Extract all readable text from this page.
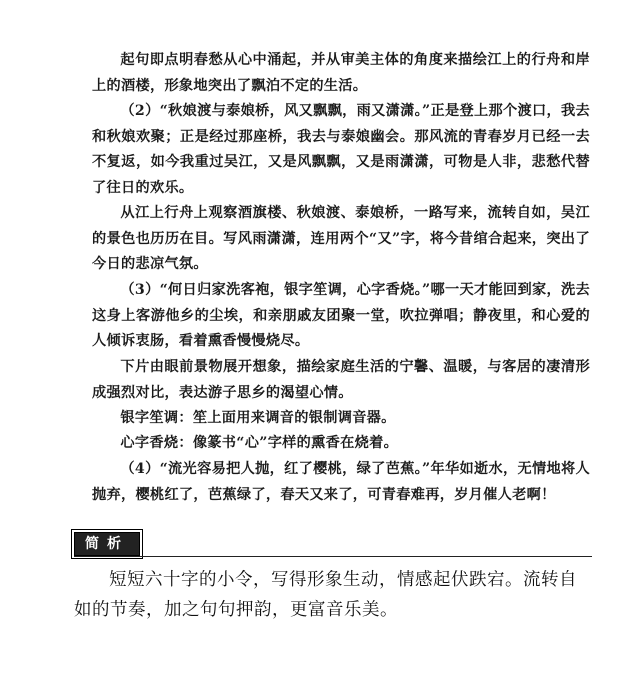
起句即点明春愁从心中涌起，并从审美主体的角度来描绘江上的行舟和岸上的酒楼，形象地突出了飘泊不定的生活。

（2）“秋娘渡与泰娘桥，风又飘飘，雨又潇潇。”正是登上那个渡口，我去和秋娘欢聚；正是经过那座桥，我去与泰娘幽会。那风流的青春岁月已经一去不复返，如今我重过吴江，又是风飘飘，又是雨潇潇，可物是人非，悲愁代替了往日的欢乐。

从江上行舟上观察酒旗楼、秋娘渡、泰娘桥，一路写来，流转自如，吴江的景色也历历在目。写风雨潇潇，连用两个“又”字，将今昔绾合起来，突出了今日的悲凉气氛。

（3）“何日归家洗客袍，银字笙调，心字香烧。”哪一天才能回到家，洗去这身上客游他乡的尘埃，和亲朋戚友团聚一堂，吹拉弹唱；静夜里，和心爱的人倾诉衷肠，看着熏香慢慢烧尽。

下片由眼前景物展开想象，描绘家庭生活的宁馨、温暖，与客居的凄清形成强烈对比，表达游子思乡的渴望心情。

银字笙调：笙上面用来调音的银制调音器。

心字香烧：像篆书“心”字样的熏香在烧着。

（4）“流光容易把人抛，红了樱桃，绿了芭蕉。”年华如逝水，无情地将人抛弃，樱桃红了，芭蕉绿了，春天又来了，可青春难再，岁月催人老啊！

简析

短短六十字的小令，写得形象生动，情感起伏跌宕。流转自如的节奏，加之句句押韵，更富音乐美。
